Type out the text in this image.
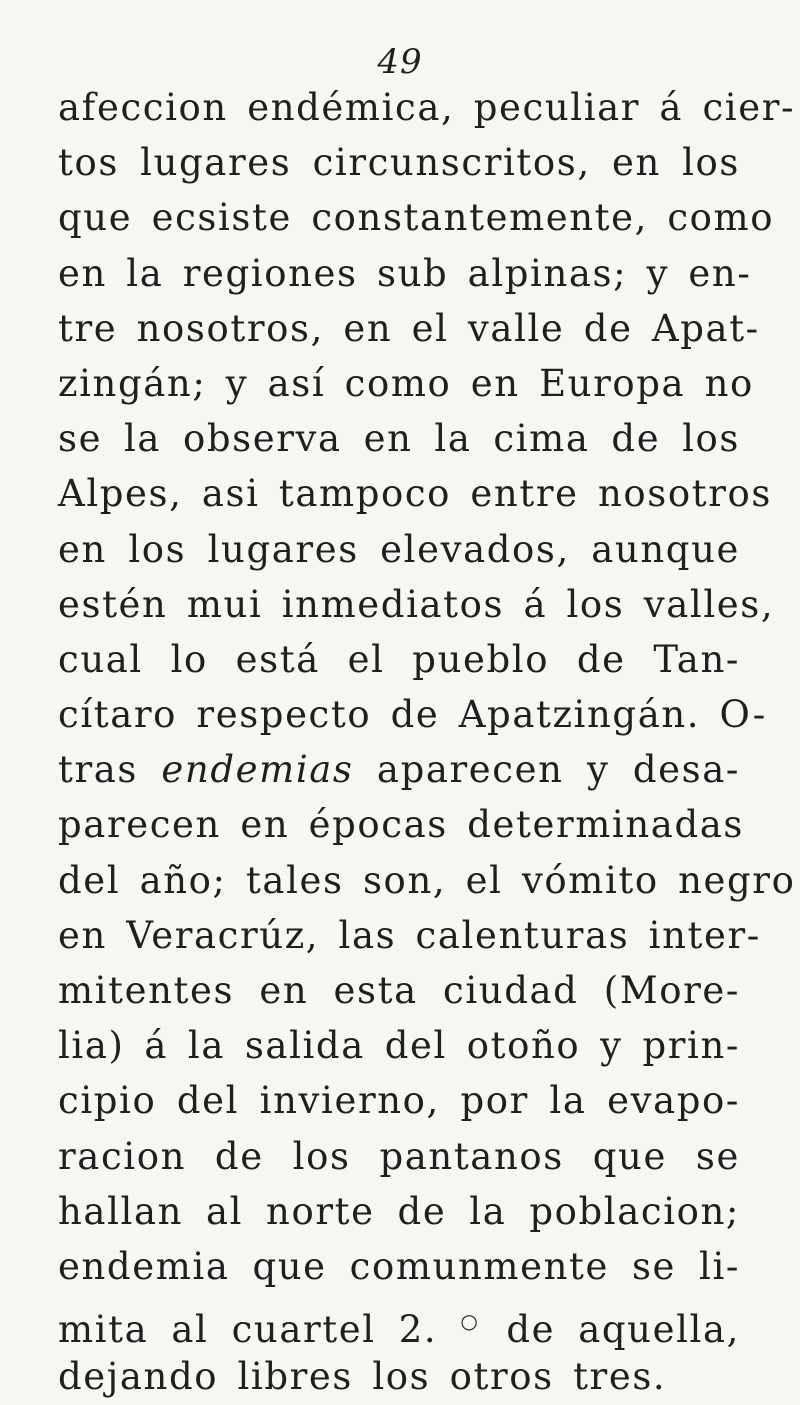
49
afeccion endémica, peculiar á cier-
tos lugares circunscritos, en los
que ecsiste constantemente, como
en la regiones sub alpinas; y en-
tre nosotros, en el valle de Apat-
zingán; y así como en Europa no
se la observa en la cima de los
Alpes, asi tampoco entre nosotros
en los lugares elevados, aunque
estén mui inmediatos á los valles,
cual lo está el pueblo de Tan-
cítaro respecto de Apatzingán. O-
tras endemias aparecen y desa-
parecen en épocas determinadas
del año; tales son, el vómito negro
en Veracrúz, las calenturas inter-
mitentes en esta ciudad (More-
lia) á la salida del otoño y prin-
cipio del invierno, por la evapo-
racion de los pantanos que se
hallan al norte de la poblacion;
endemia que comunmente se li-
mita al cuartel 2. ○ de aquella,
dejando libres los otros tres.
